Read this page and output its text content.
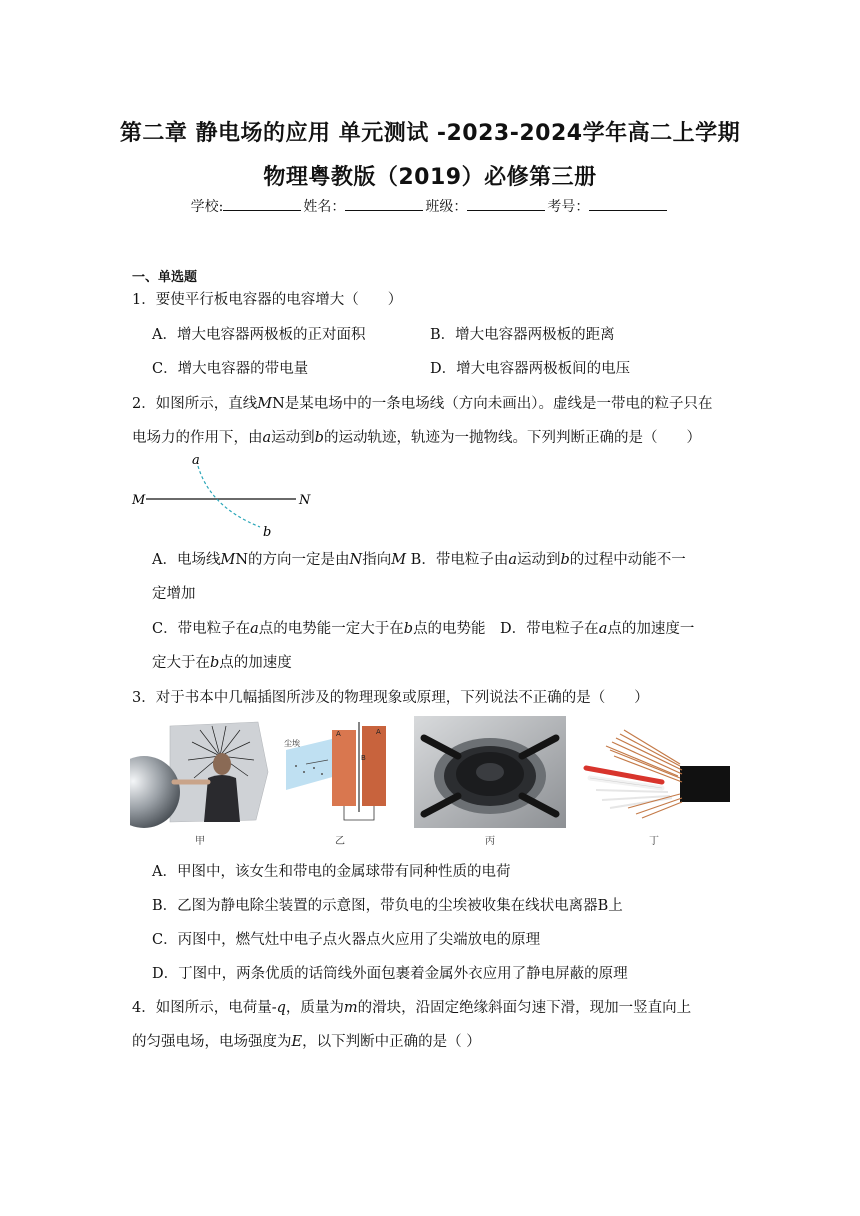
第二章 静电场的应用 单元测试 -2023-2024学年高二上学期
物理粤教版（2019）必修第三册
学校:	姓名：	班级：	考号：
一、单选题
1．要使平行板电容器的电容增大（　　）
A．增大电容器两极板的正对面积	B．增大电容器两极板的距离
C．增大电容器的带电量	D．增大电容器两极板间的电压
2．如图所示，直线MN是某电场中的一条电场线（方向未画出）。虚线是一带电的粒子只在
电场力的作用下，由a运动到b的运动轨迹，轨迹为一抛物线。下列判断正确的是（　　）
M	N
a
b
A．电场线MN的方向一定是由N指向M B．带电粒子由a运动到b的过程中动能不一
定增加
C．带电粒子在a点的电势能一定大于在b点的电势能　D．带电粒子在a点的加速度一
定大于在b点的加速度
3．对于书本中几幅插图所涉及的物理现象或原理，下列说法不正确的是（　　）
甲
A	A
B
尘埃
乙	丙	丁
A．甲图中，该女生和带电的金属球带有同种性质的电荷
B．乙图为静电除尘装置的示意图，带负电的尘埃被收集在线状电离器B上
C．丙图中，燃气灶中电子点火器点火应用了尖端放电的原理
D．丁图中，两条优质的话筒线外面包裹着金属外衣应用了静电屏蔽的原理
4．如图所示，电荷量-q，质量为m的滑块，沿固定绝缘斜面匀速下滑，现加一竖直向上
的匀强电场，电场强度为E，以下判断中正确的是（ ）
